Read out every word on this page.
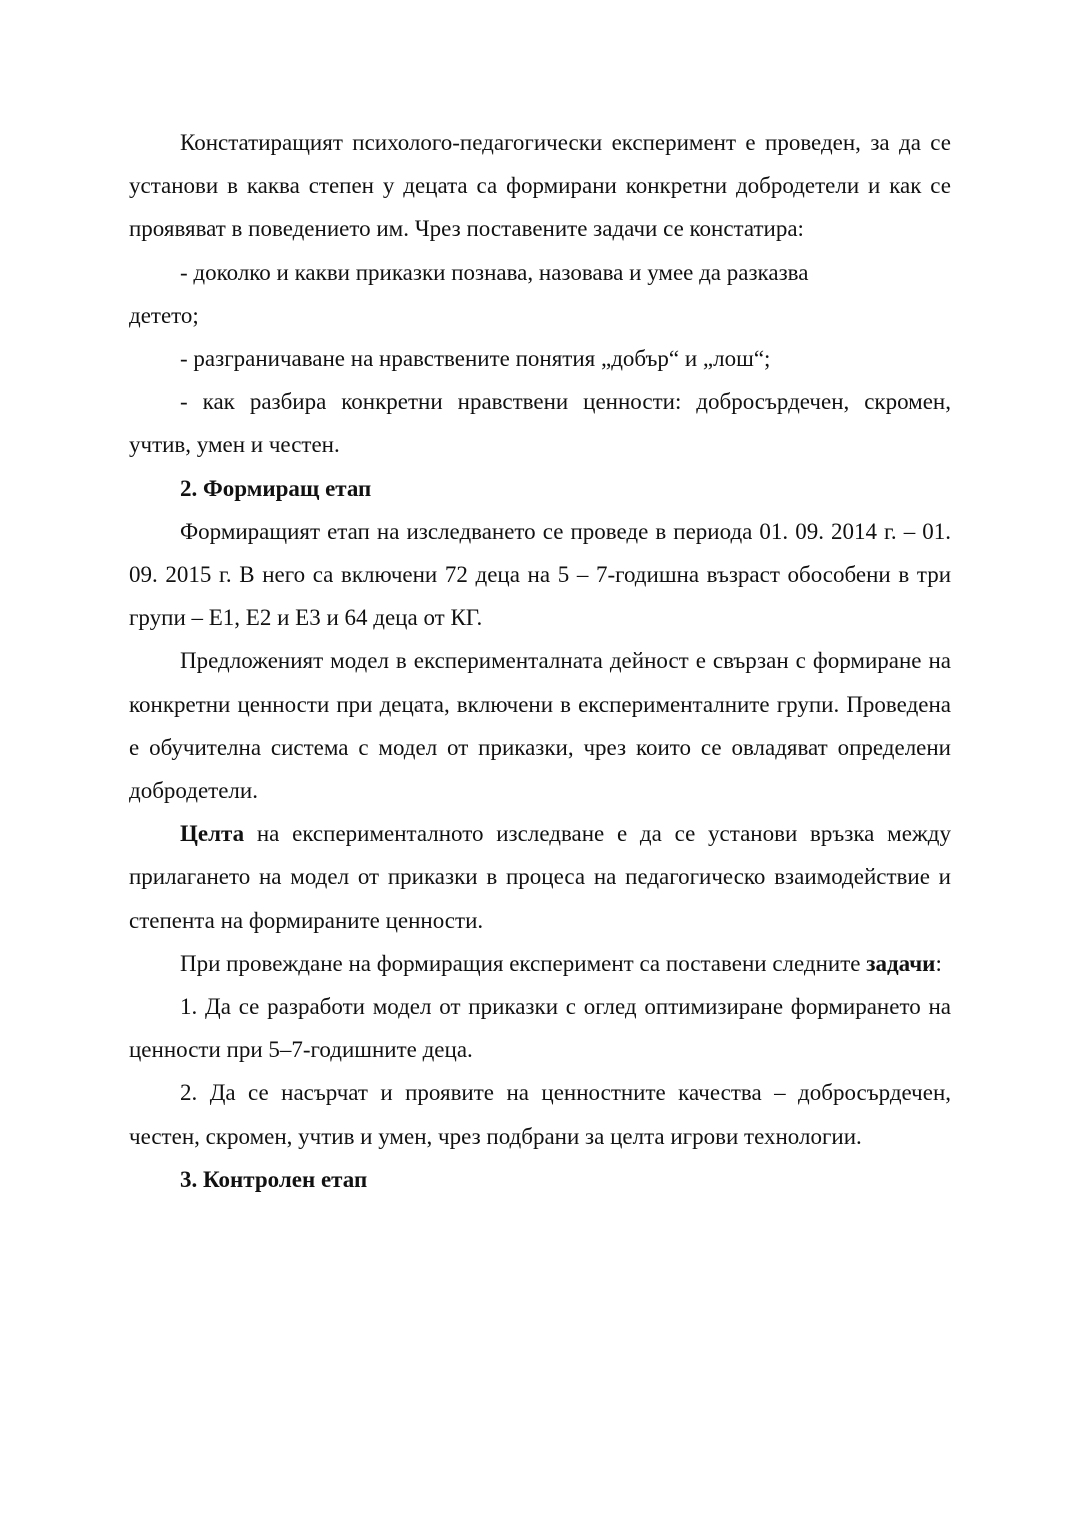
Констатиращият психолого-педагогически експеримент е проведен, за да се установи в каква степен у децата са формирани конкретни добродетели и как се проявяват в поведението им. Чрез поставените задачи се констатира:

- доколко и какви приказки познава, назовава и умее да разказва

детето;

- разграничаване на нравствените понятия „добър“ и „лош“;

- как разбира конкретни нравствени ценности: добросърдечен, скромен, учтив, умен и честен.

2. Формиращ етап

Формиращият етап на изследването се проведе в периода 01. 09. 2014 г. – 01. 09. 2015 г. В него са включени 72 деца на 5 – 7-годишна възраст обособени в три групи – Е1, Е2 и Е3 и 64 деца от КГ.

Предложеният модел в експерименталната дейност е свързан с формиране на конкретни ценности при децата, включени в експерименталните групи. Проведена е обучителна система с модел от приказки, чрез които се овладяват определени добродетели.

Целта на експерименталното изследване е да се установи връзка между прилагането на модел от приказки в процеса на педагогическо взаимодействие и степента на формираните ценности.

При провеждане на формиращия експеримент са поставени следните задачи:

1. Да се разработи модел от приказки с оглед оптимизиране формирането на ценности при 5–7-годишните деца.

2. Да се насърчат и проявите на ценностните качества – добросърдечен, честен, скромен, учтив и умен, чрез подбрани за целта игрови технологии.

3. Контролен етап
